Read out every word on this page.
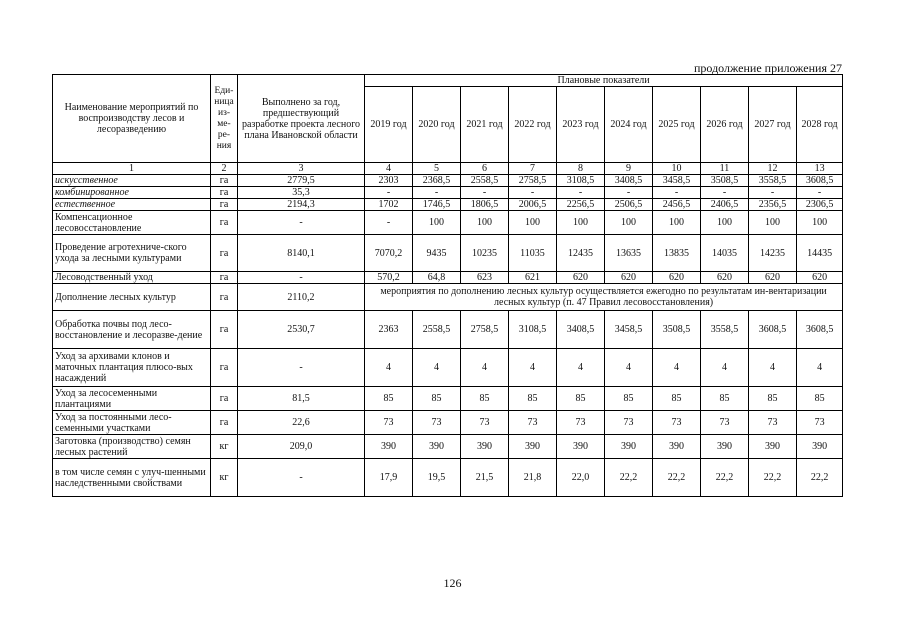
продолжение приложения 27
Наименование мероприятий по воспроизводству лесов и лесоразведению	Еди-ница из-ме-ре-ния	Выполнено за год, предшествующий разработке проекта лесного плана Ивановской области	Плановые показатели									
			2019 год	2020 год	2021 год	2022 год	2023 год	2024 год	2025 год	2026 год	2027 год	2028 год
1	2	3	4	5	6	7	8	9	10	11	12	13
искусственное	га	2779,5	2303	2368,5	2558,5	2758,5	3108,5	3408,5	3458,5	3508,5	3558,5	3608,5
комбинированное	га	35,3	-	-	-	-	-	-	-	-	-	-
естественное	га	2194,3	1702	1746,5	1806,5	2006,5	2256,5	2506,5	2456,5	2406,5	2356,5	2306,5
Компенсационное лесовосстановление	га	-	-	100	100	100	100	100	100	100	100	100
Проведение агротехниче-ского ухода за лесными культурами	га	8140,1	7070,2	9435	10235	11035	12435	13635	13835	14035	14235	14435
Лесоводственный уход	га	-	570,2	64,8	623	621	620	620	620	620	620	620
Дополнение лесных культур	га	2110,2	мероприятия по дополнению лесных культур осуществляется ежегодно по результатам ин-вентаризации лесных культур (п. 47 Правил лесовосстановления)									
Обработка почвы под лесо-восстановление и лесоразве-дение	га	2530,7	2363	2558,5	2758,5	3108,5	3408,5	3458,5	3508,5	3558,5	3608,5	3608,5
Уход за архивами клонов и маточных плантация плюсо-вых насаждений	га	-	4	4	4	4	4	4	4	4	4	4
Уход за лесосеменными плантациями	га	81,5	85	85	85	85	85	85	85	85	85	85
Уход за постоянными лесо-семенными участками	га	22,6	73	73	73	73	73	73	73	73	73	73
Заготовка (производство) семян лесных растений	кг	209,0	390	390	390	390	390	390	390	390	390	390
в том числе семян с улуч-шенными наследственными свойствами	кг	-	17,9	19,5	21,5	21,8	22,0	22,2	22,2	22,2	22,2	22,2
126
